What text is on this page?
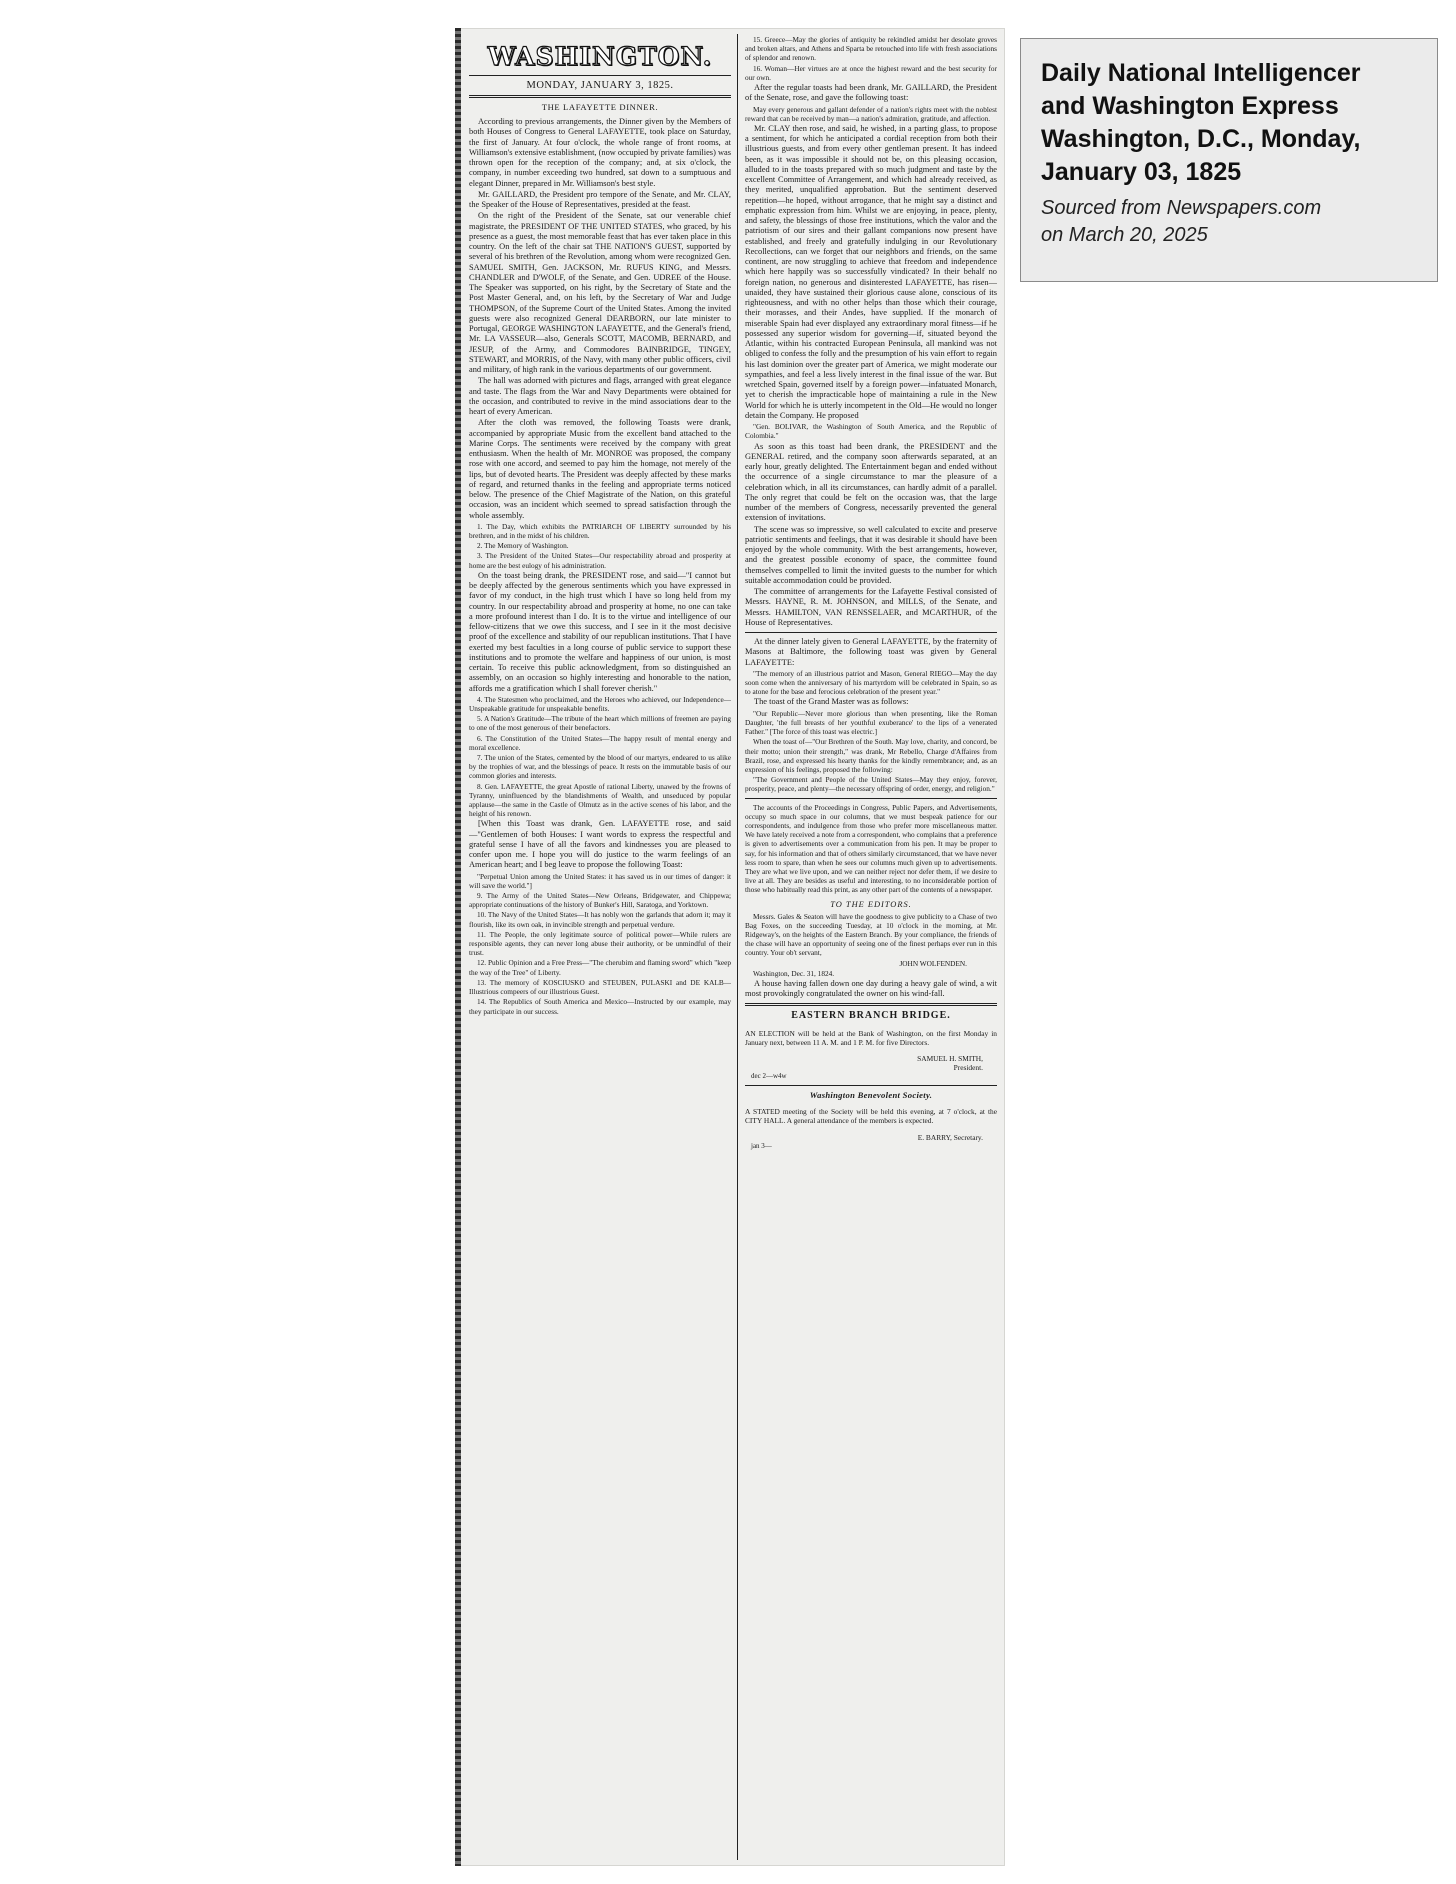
WASHINGTON.
MONDAY, JANUARY 3, 1825.
THE LAFAYETTE DINNER.

According to previous arrangements, the Dinner given by the Members of both Houses of Congress to General LAFAYETTE, took place on Saturday, the first of January. At four o'clock, the whole range of front rooms, at Williamson's extensive establishment, (now occupied by private families) was thrown open for the reception of the company; and, at six o'clock, the company, in number exceeding two hundred, sat down to a sumptuous and elegant Dinner, prepared in Mr. Williamson's best style.

Mr. GAILLARD, the President pro tempore of the Senate, and Mr. CLAY, the Speaker of the House of Representatives, presided at the feast.

On the right of the President of the Senate, sat our venerable chief magistrate, the PRESIDENT OF THE UNITED STATES, who graced, by his presence as a guest, the most memorable feast that has ever taken place in this country. On the left of the chair sat THE NATION'S GUEST, supported by several of his brethren of the Revolution, among whom were recognized Gen. SAMUEL SMITH, Gen. JACKSON, Mr. RUFUS KING, and Messrs. CHANDLER and D'WOLF, of the Senate, and Gen. UDREE of the House. The Speaker was supported, on his right, by the Secretary of State and the Post Master General, and, on his left, by the Secretary of War and Judge THOMPSON, of the Supreme Court of the United States. Among the invited guests were also recognized General DEARBORN, our late minister to Portugal, GEORGE WASHINGTON LAFAYETTE, and the General's friend, Mr. LA VASSEUR—also, Generals SCOTT, MACOMB, BERNARD, and JESUP, of the Army, and Commodores BAINBRIDGE, TINGEY, STEWART, and MORRIS, of the Navy, with many other public officers, civil and military, of high rank in the various departments of our government.

The hall was adorned with pictures and flags, arranged with great elegance and taste. The flags from the War and Navy Departments were obtained for the occasion, and contributed to revive in the mind associations dear to the heart of every American.

After the cloth was removed, the following Toasts were drank, accompanied by appropriate Music from the excellent band attached to the Marine Corps. The sentiments were received by the company with great enthusiasm. When the health of Mr. MONROE was proposed, the company rose with one accord, and seemed to pay him the homage, not merely of the lips, but of devoted hearts. The President was deeply affected by these marks of regard, and returned thanks in the feeling and appropriate terms noticed below. The presence of the Chief Magistrate of the Nation, on this grateful occasion, was an incident which seemed to spread satisfaction through the whole assembly.

1. The Day, which exhibits the PATRIARCH OF LIBERTY surrounded by his brethren, and in the midst of his children.

2. The Memory of Washington.

3. The President of the United States—Our respectability abroad and prosperity at home are the best eulogy of his administration.

On the toast being drank, the PRESIDENT rose, and said—"I cannot but be deeply affected by the generous sentiments which you have expressed in favor of my conduct, in the high trust which I have so long held from my country. In our respectability abroad and prosperity at home, no one can take a more profound interest than I do. It is to the virtue and intelligence of our fellow-citizens that we owe this success, and I see in it the most decisive proof of the excellence and stability of our republican institutions. That I have exerted my best faculties in a long course of public service to support these institutions and to promote the welfare and happiness of our union, is most certain. To receive this public acknowledgment, from so distinguished an assembly, on an occasion so highly interesting and honorable to the nation, affords me a gratification which I shall forever cherish."

4. The Statesmen who proclaimed, and the Heroes who achieved, our Independence—Unspeakable gratitude for unspeakable benefits.

5. A Nation's Gratitude—The tribute of the heart which millions of freemen are paying to one of the most generous of their benefactors.

6. The Constitution of the United States—The happy result of mental energy and moral excellence.

7. The union of the States, cemented by the blood of our martyrs, endeared to us alike by the trophies of war, and the blessings of peace. It rests on the immutable basis of our common glories and interests.

8. Gen. LAFAYETTE, the great Apostle of rational Liberty, unawed by the frowns of Tyranny, uninfluenced by the blandishments of Wealth, and unseduced by popular applause—the same in the Castle of Olmutz as in the active scenes of his labor, and the height of his renown.

[When this Toast was drank, Gen. LAFAYETTE rose, and said—"Gentlemen of both Houses: I want words to express the respectful and grateful sense I have of all the favors and kindnesses you are pleased to confer upon me. I hope you will do justice to the warm feelings of an American heart; and I beg leave to propose the following Toast:

"Perpetual Union among the United States: it has saved us in our times of danger: it will save the world."]

9. The Army of the United States—New Orleans, Bridgewater, and Chippewa; appropriate continuations of the history of Bunker's Hill, Saratoga, and Yorktown.

10. The Navy of the United States—It has nobly won the garlands that adorn it; may it flourish, like its own oak, in invincible strength and perpetual verdure.

11. The People, the only legitimate source of political power—While rulers are responsible agents, they can never long abuse their authority, or be unmindful of their trust.

12. Public Opinion and a Free Press—"The cherubim and flaming sword" which "keep the way of the Tree" of Liberty.

13. The memory of KOSCIUSKO and STEUBEN, PULASKI and DE KALB—Illustrious compeers of our illustrious Guest.

14. The Republics of South America and Mexico—Instructed by our example, may they participate in our success.

15. Greece—May the glories of antiquity be rekindled amidst her desolate groves and broken altars, and Athens and Sparta be retouched into life with fresh associations of splendor and renown.

16. Woman—Her virtues are at once the highest reward and the best security for our own.

After the regular toasts had been drank, Mr. GAILLARD, the President of the Senate, rose, and gave the following toast:

May every generous and gallant defender of a nation's rights meet with the noblest reward that can be received by man—a nation's admiration, gratitude, and affection.

Mr. CLAY then rose, and said, he wished, in a parting glass, to propose a sentiment, for which he anticipated a cordial reception from both their illustrious guests, and from every other gentleman present. It has indeed been, as it was impossible it should not be, on this pleasing occasion, alluded to in the toasts prepared with so much judgment and taste by the excellent Committee of Arrangement, and which had already received, as they merited, unqualified approbation. But the sentiment deserved repetition—he hoped, without arrogance, that he might say a distinct and emphatic expression from him. Whilst we are enjoying, in peace, plenty, and safety, the blessings of those free institutions, which the valor and the patriotism of our sires and their gallant companions now present have established, and freely and gratefully indulging in our Revolutionary Recollections, can we forget that our neighbors and friends, on the same continent, are now struggling to achieve that freedom and independence which here happily was so successfully vindicated? In their behalf no foreign nation, no generous and disinterested LAFAYETTE, has risen—unaided, they have sustained their glorious cause alone, conscious of its righteousness, and with no other helps than those which their courage, their morasses, and their Andes, have supplied. If the monarch of miserable Spain had ever displayed any extraordinary moral fitness—if he possessed any superior wisdom for governing—if, situated beyond the Atlantic, within his contracted European Peninsula, all mankind was not obliged to confess the folly and the presumption of his vain effort to regain his last dominion over the greater part of America, we might moderate our sympathies, and feel a less lively interest in the final issue of the war. But wretched Spain, governed itself by a foreign power—infatuated Monarch, yet to cherish the impracticable hope of maintaining a rule in the New World for which he is utterly incompetent in the Old—He would no longer detain the Company. He proposed

"Gen. BOLIVAR, the Washington of South America, and the Republic of Colombia."

As soon as this toast had been drank, the PRESIDENT and the GENERAL retired, and the company soon afterwards separated, at an early hour, greatly delighted. The Entertainment began and ended without the occurrence of a single circumstance to mar the pleasure of a celebration which, in all its circumstances, can hardly admit of a parallel. The only regret that could be felt on the occasion was, that the large number of the members of Congress, necessarily prevented the general extension of invitations.

The scene was so impressive, so well calculated to excite and preserve patriotic sentiments and feelings, that it was desirable it should have been enjoyed by the whole community. With the best arrangements, however, and the greatest possible economy of space, the committee found themselves compelled to limit the invited guests to the number for which suitable accommodation could be provided.

The committee of arrangements for the Lafayette Festival consisted of Messrs. HAYNE, R. M. JOHNSON, and MILLS, of the Senate, and Messrs. HAMILTON, VAN RENSSELAER, and MCARTHUR, of the House of Representatives.

At the dinner lately given to General LAFAYETTE, by the fraternity of Masons at Baltimore, the following toast was given by General LAFAYETTE:

"The memory of an illustrious patriot and Mason, General RIEGO—May the day soon come when the anniversary of his martyrdom will be celebrated in Spain, so as to atone for the base and ferocious celebration of the present year."

The toast of the Grand Master was as follows:

"Our Republic—Never more glorious than when presenting, like the Roman Daughter, 'the full breasts of her youthful exuberance' to the lips of a venerated Father." [The force of this toast was electric.]

When the toast of—"Our Brethren of the South. May love, charity, and concord, be their motto; union their strength," was drank, Mr Rebello, Charge d'Affaires from Brazil, rose, and expressed his hearty thanks for the kindly remembrance; and, as an expression of his feelings, proposed the following:

"The Government and People of the United States—May they enjoy, forever, prosperity, peace, and plenty—the necessary offspring of order, energy, and religion."

The accounts of the Proceedings in Congress, Public Papers, and Advertisements, occupy so much space in our columns, that we must bespeak patience for our correspondents, and indulgence from those who prefer more miscellaneous matter. We have lately received a note from a correspondent, who complains that a preference is given to advertisements over a communication from his pen. It may be proper to say, for his information and that of others similarly circumstanced, that we have never less room to spare, than when he sees our columns much given up to advertisements. They are what we live upon, and we can neither reject nor defer them, if we desire to live at all. They are besides as useful and interesting, to no inconsiderable portion of those who habitually read this print, as any other part of the contents of a newspaper.

TO THE EDITORS.

Messrs. Gales & Seaton will have the goodness to give publicity to a Chase of two Bag Foxes, on the succeeding Tuesday, at 10 o'clock in the morning, at Mr. Ridgeway's, on the heights of the Eastern Branch. By your compliance, the friends of the chase will have an opportunity of seeing one of the finest perhaps ever run in this country. Your ob't servant,

JOHN WOLFENDEN.

Washington, Dec. 31, 1824.

A house having fallen down one day during a heavy gale of wind, a wit most provokingly congratulated the owner on his wind-fall.

EASTERN BRANCH BRIDGE.

AN ELECTION will be held at the Bank of Washington, on the first Monday in January next, between 11 A. M. and 1 P. M. for five Directors.

SAMUEL H. SMITH,
President.
dec 2—w4w
Washington Benevolent Society.

A STATED meeting of the Society will be held this evening, at 7 o'clock, at the CITY HALL. A general attendance of the members is expected.

E. BARRY, Secretary.
jan 3—
Daily National Intelligencer
and Washington Express
Washington, D.C., Monday,
January 03, 1825
Sourced from Newspapers.com
on March 20, 2025
